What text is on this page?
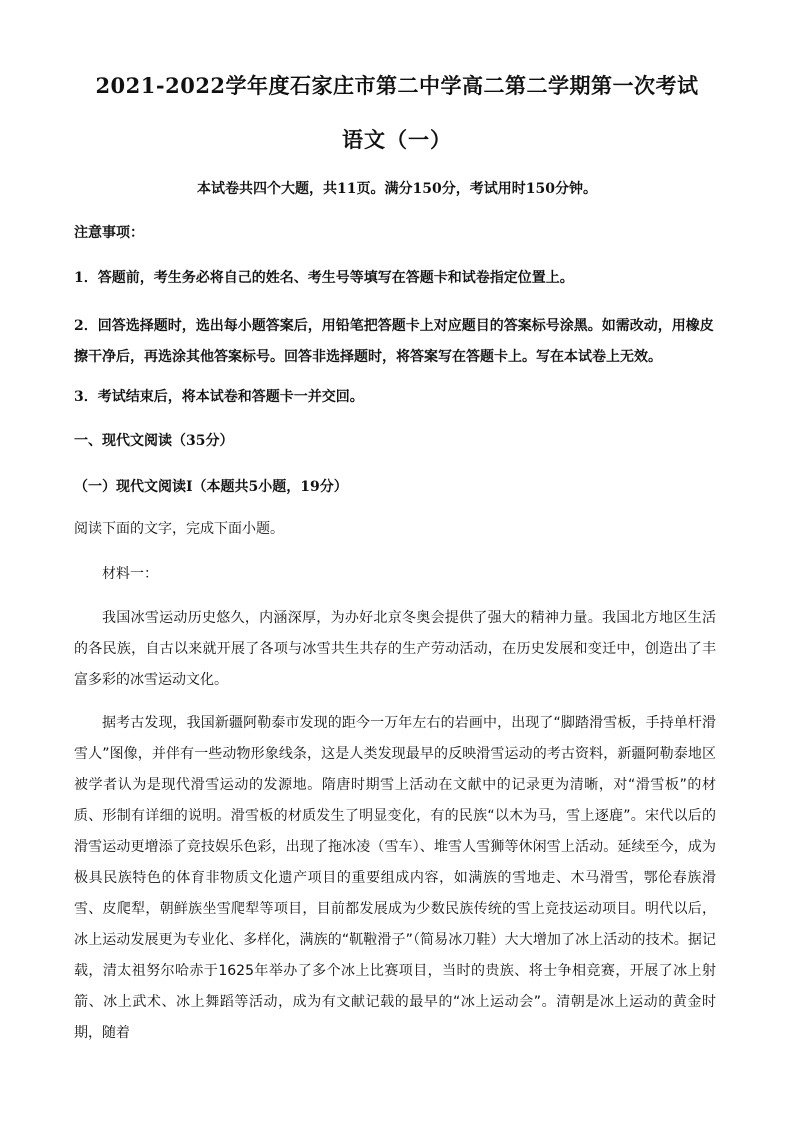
2021-2022学年度石家庄市第二中学高二第二学期第一次考试
语文（一）
本试卷共四个大题，共11页。满分150分，考试用时150分钟。
注意事项：
1．答题前，考生务必将自己的姓名、考生号等填写在答题卡和试卷指定位置上。
2．回答选择题时，选出每小题答案后，用铅笔把答题卡上对应题目的答案标号涂黑。如需改动，用橡皮擦干净后，再选涂其他答案标号。回答非选择题时，将答案写在答题卡上。写在本试卷上无效。
3．考试结束后，将本试卷和答题卡一并交回。
一、现代文阅读（35分）
（一）现代文阅读Ⅰ（本题共5小题，19分）
阅读下面的文字，完成下面小题。
材料一：
我国冰雪运动历史悠久，内涵深厚，为办好北京冬奥会提供了强大的精神力量。我国北方地区生活的各民族，自古以来就开展了各项与冰雪共生共存的生产劳动活动，在历史发展和变迁中，创造出了丰富多彩的冰雪运动文化。
据考古发现，我国新疆阿勒泰市发现的距今一万年左右的岩画中，出现了“脚踏滑雪板，手持单杆滑雪人”图像，并伴有一些动物形象线条，这是人类发现最早的反映滑雪运动的考古资料，新疆阿勒泰地区被学者认为是现代滑雪运动的发源地。隋唐时期雪上活动在文献中的记录更为清晰，对“滑雪板”的材质、形制有详细的说明。滑雪板的材质发生了明显变化，有的民族“以木为马，雪上逐鹿”。宋代以后的滑雪运动更增添了竞技娱乐色彩，出现了拖冰凌（雪车）、堆雪人雪狮等休闲雪上活动。延续至今，成为极具民族特色的体育非物质文化遗产项目的重要组成内容，如满族的雪地走、木马滑雪，鄂伦春族滑雪、皮爬犁，朝鲜族坐雪爬犁等项目，目前都发展成为少数民族传统的雪上竞技运动项目。明代以后，冰上运动发展更为专业化、多样化，满族的“靰鞡滑子”（简易冰刀鞋）大大增加了冰上活动的技术。据记载，清太祖努尔哈赤于1625年举办了多个冰上比赛项目，当时的贵族、将士争相竞赛，开展了冰上射箭、冰上武术、冰上舞蹈等活动，成为有文献记载的最早的“冰上运动会”。清朝是冰上运动的黄金时期，随着
